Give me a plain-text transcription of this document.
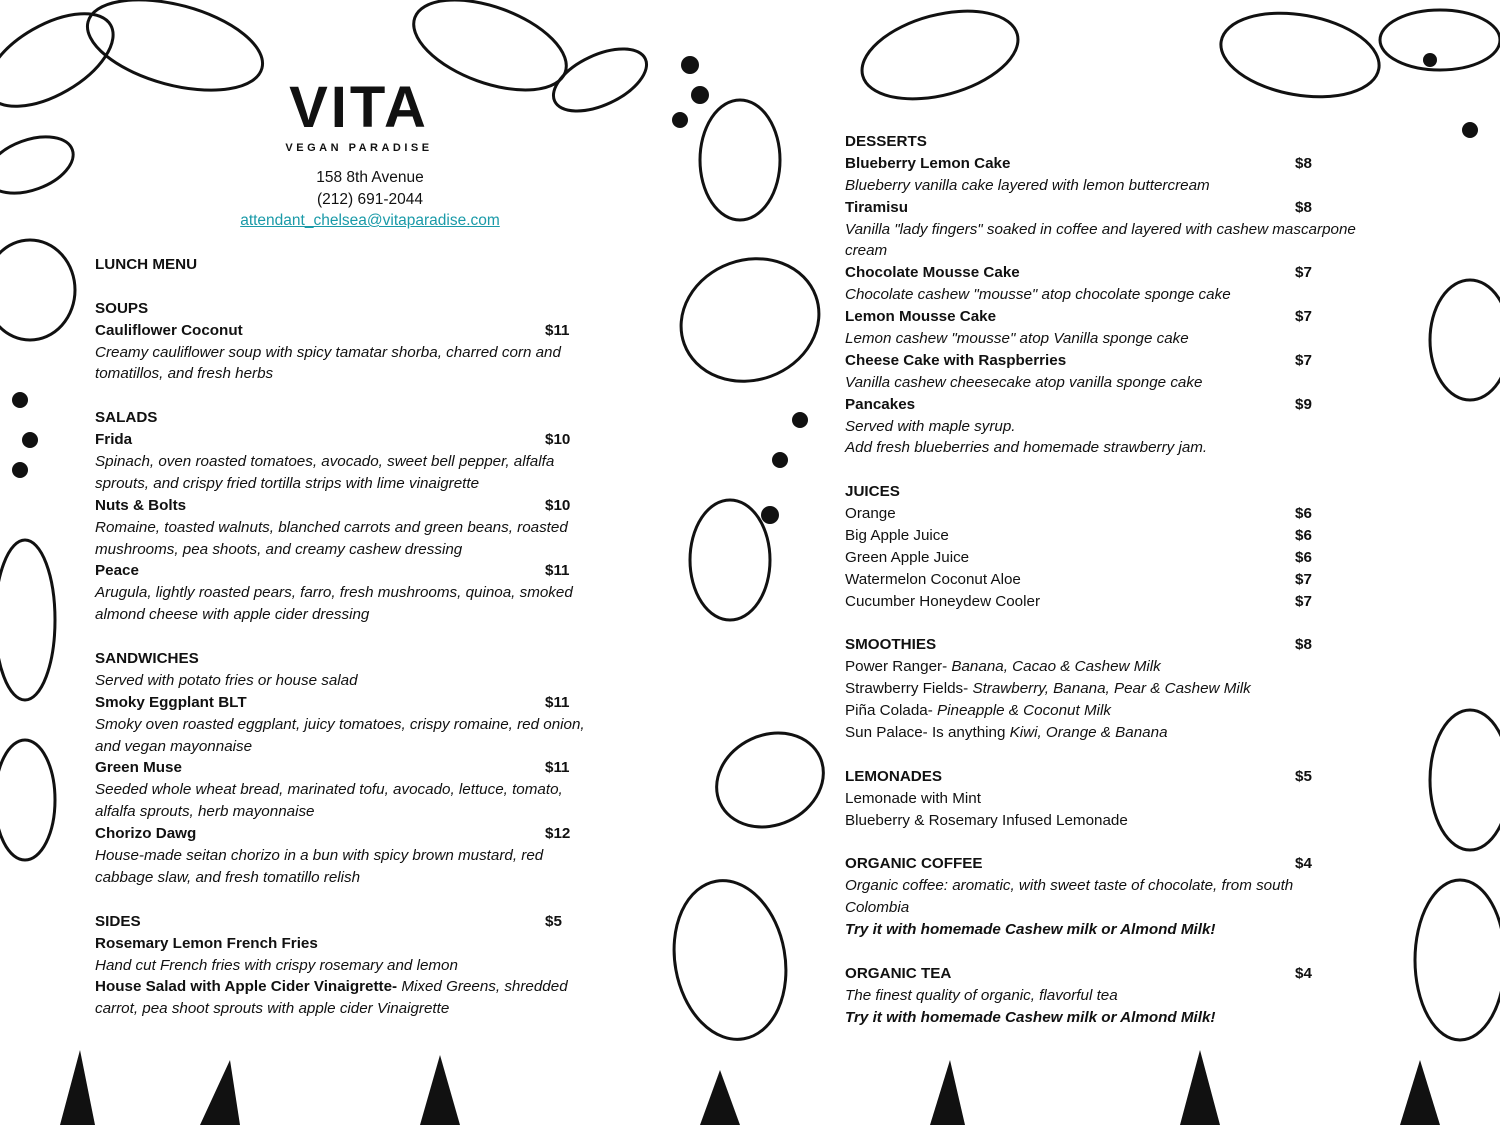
VITA
VEGAN PARADISE
158 8th Avenue
(212) 691-2044
attendant_chelsea@vitaparadise.com
LUNCH MENU
SOUPS
Cauliflower Coconut	$11
Creamy cauliflower soup with spicy tamatar shorba, charred corn and
tomatillos, and fresh herbs
SALADS
Frida	$10
Spinach, oven roasted tomatoes, avocado, sweet bell pepper, alfalfa
sprouts, and crispy fried tortilla strips with lime vinaigrette
Nuts & Bolts	$10
Romaine, toasted walnuts, blanched carrots and green beans, roasted
mushrooms, pea shoots, and creamy cashew dressing
Peace	$11
Arugula, lightly roasted pears, farro, fresh mushrooms, quinoa, smoked
almond cheese with apple cider dressing
SANDWICHES
Served with potato fries or house salad
Smoky Eggplant BLT	$11
Smoky oven roasted eggplant, juicy tomatoes, crispy romaine, red onion,
and vegan mayonnaise
Green Muse	$11
Seeded whole wheat bread, marinated tofu, avocado, lettuce, tomato,
alfalfa sprouts, herb mayonnaise
Chorizo Dawg	$12
House-made seitan chorizo in a bun with spicy brown mustard, red
cabbage slaw, and fresh tomatillo relish
SIDES	$5
Rosemary Lemon French Fries
Hand cut French fries with crispy rosemary and lemon
House Salad with Apple Cider Vinaigrette- Mixed Greens, shredded
carrot, pea shoot sprouts with apple cider Vinaigrette
DESSERTS
Blueberry Lemon Cake	$8
Blueberry vanilla cake layered with lemon buttercream
Tiramisu	$8
Vanilla "lady fingers" soaked in coffee and layered with cashew mascarpone
cream
Chocolate Mousse Cake	$7
Chocolate cashew "mousse" atop chocolate sponge cake
Lemon Mousse Cake	$7
Lemon cashew "mousse" atop Vanilla sponge cake
Cheese Cake with Raspberries	$7
Vanilla cashew cheesecake atop vanilla sponge cake
Pancakes	$9
Served with maple syrup.
Add fresh blueberries and homemade strawberry jam.
JUICES
Orange	$6
Big Apple Juice	$6
Green Apple Juice	$6
Watermelon Coconut Aloe	$7
Cucumber Honeydew Cooler	$7
SMOOTHIES	$8
Power Ranger- Banana, Cacao & Cashew Milk
Strawberry Fields- Strawberry, Banana, Pear & Cashew Milk
Piña Colada- Pineapple & Coconut Milk
Sun Palace- Is anything Kiwi, Orange & Banana
LEMONADES	$5
Lemonade with Mint
Blueberry & Rosemary Infused Lemonade
ORGANIC COFFEE	$4
Organic coffee: aromatic, with sweet taste of chocolate, from south
Colombia
Try it with homemade Cashew milk or Almond Milk!
ORGANIC TEA	$4
The finest quality of organic, flavorful tea
Try it with homemade Cashew milk or Almond Milk!
